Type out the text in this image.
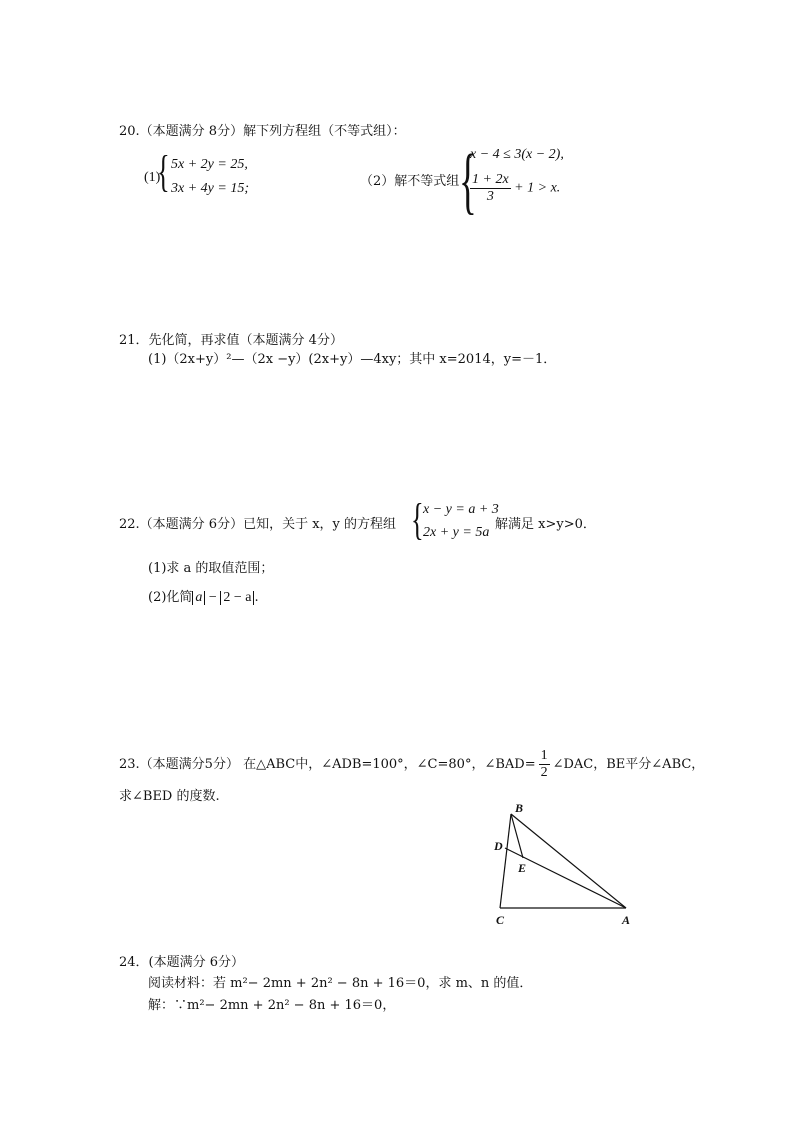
20.（本题满分 8分）解下列方程组（不等式组）：
(1)
{ 5x + 2y = 25,
3x + 4y = 15;	（2）解不等式组 {
x − 4 ≤ 3(x − 2),
$\frac{1 + 2x}{3} + 1 > x$.
21．先化简，再求值（本题满分 4分）
(1)（2x+y）²—（2x −y）(2x+y）—4xy；其中 x=2014，y=－1．
22.（本题满分 6分）已知，关于 x，y 的方程组 { x − y = a + 3
2x + y = 5a
解满足 x>y>0．
(1)求 a 的取值范围；
(2)化简 a − 2 − a .
23.（本题满分5分） 在△ABC中，∠ADB=100°，∠C=80°，∠BAD= $\frac{1}{2}$ ∠DAC，BE平分∠ABC，
求∠BED 的度数.
B
D
E
C	A
24．(本题满分 6分）
阅读材料：若 m²− 2mn + 2n² − 8n + 16＝0，求 m、n 的值．
解：∵m²− 2mn + 2n² − 8n + 16＝0，
